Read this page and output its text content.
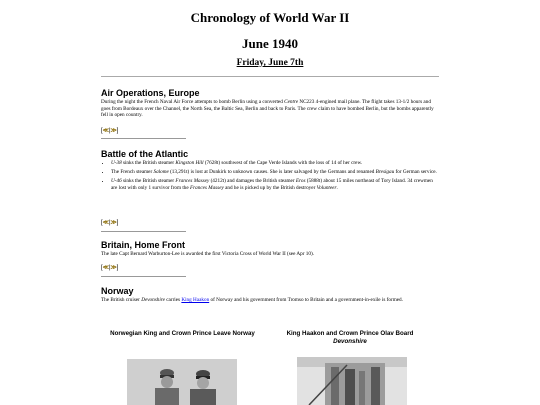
Chronology of World War II
June 1940
Friday, June 7th
Air Operations, Europe

During the night the French Naval Air Force attempts to bomb Berlin using a converted Centre NC223 4-engined mail plane. The flight takes 13-1/2 hours and goes from Bordeaux over the Channel, the North Sea, the Baltic Sea, Berlin and back to Paris. The crew claim to have bombed Berlin, but the bombs apparently fell in open country.

[≪|≫]
Battle of the Atlantic
• U-38 sinks the British steamer Kingston Hill (7628t) southwest of the Cape Verde Islands with the loss of 14 of her crew.
• The French steamer Salome (13,291t) is lost at Dunkirk to unknown causes. She is later salvaged by the Germans and renamed Bresigau for German service.
• U-46 sinks the British steamer Frances Massey (4212t) and damages the British steamer Eros (5888t) about 15 miles northeast of Tory Island. 34 crewmen are lost with only 1 survivor from the Frances Massey and he is picked up by the British destroyer Volunteer.
[≪|≫]
Britain, Home Front

The late Capt Bernard Warburton-Lee is awarded the first Victoria Cross of World War II (see Apr 10).

[≪|≫]
Norway

The British cruiser Devonshire carries King Haakon of Norway and his government from Tromso to Britain and a government-in-exile is formed.

Norwegian King and Crown Prince Leave Norway	King Haakon and Crown Prince Olav Board
Devonshire
